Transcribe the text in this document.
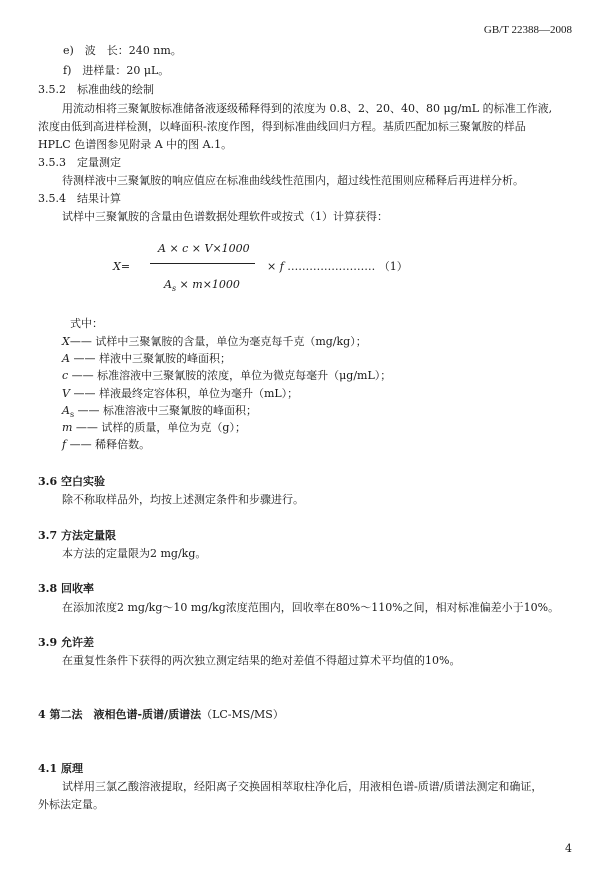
GB/T 22388—2008
e)　波　长：240 nm。
f)　进样量：20 μL。
3.5.2　标准曲线的绘制
用流动相将三聚氰胺标准储备液逐级稀释得到的浓度为 0.8、2、20、40、80 μg/mL 的标准工作液,
浓度由低到高进样检测，以峰面积-浓度作图，得到标准曲线回归方程。基质匹配加标三聚氰胺的样品
HPLC 色谱图参见附录 A 中的图 A.1。
3.5.3　定量测定
待测样液中三聚氰胺的响应值应在标准曲线线性范围内，超过线性范围则应稀释后再进样分析。
3.5.4　结果计算
试样中三聚氰胺的含量由色谱数据处理软件或按式（1）计算获得：
A × c × V×1000
X=	× f …………………… （1）
$A_s \times m\times 1000$
式中：
X—— 试样中三聚氰胺的含量，单位为毫克每千克（mg/kg）；
A —— 样液中三聚氰胺的峰面积；
c —— 标准溶液中三聚氰胺的浓度，单位为微克每毫升（μg/mL）；
V —— 样液最终定容体积，单位为毫升（mL）；
$A_s$ —— 标准溶液中三聚氰胺的峰面积；
m —— 试样的质量，单位为克（g）；
f —— 稀释倍数。
3.6 空白实验
除不称取样品外，均按上述测定条件和步骤进行。
3.7 方法定量限
本方法的定量限为2 mg/kg。
3.8 回收率
在添加浓度2 mg/kg～10 mg/kg浓度范围内，回收率在80%～110%之间，相对标准偏差小于10%。
3.9 允许差
在重复性条件下获得的两次独立测定结果的绝对差值不得超过算术平均值的10%。
4 第二法　液相色谱-质谱/质谱法（LC-MS/MS）
4.1 原理
试样用三氯乙酸溶液提取，经阳离子交换固相萃取柱净化后，用液相色谱-质谱/质谱法测定和确证，
外标法定量。
4
